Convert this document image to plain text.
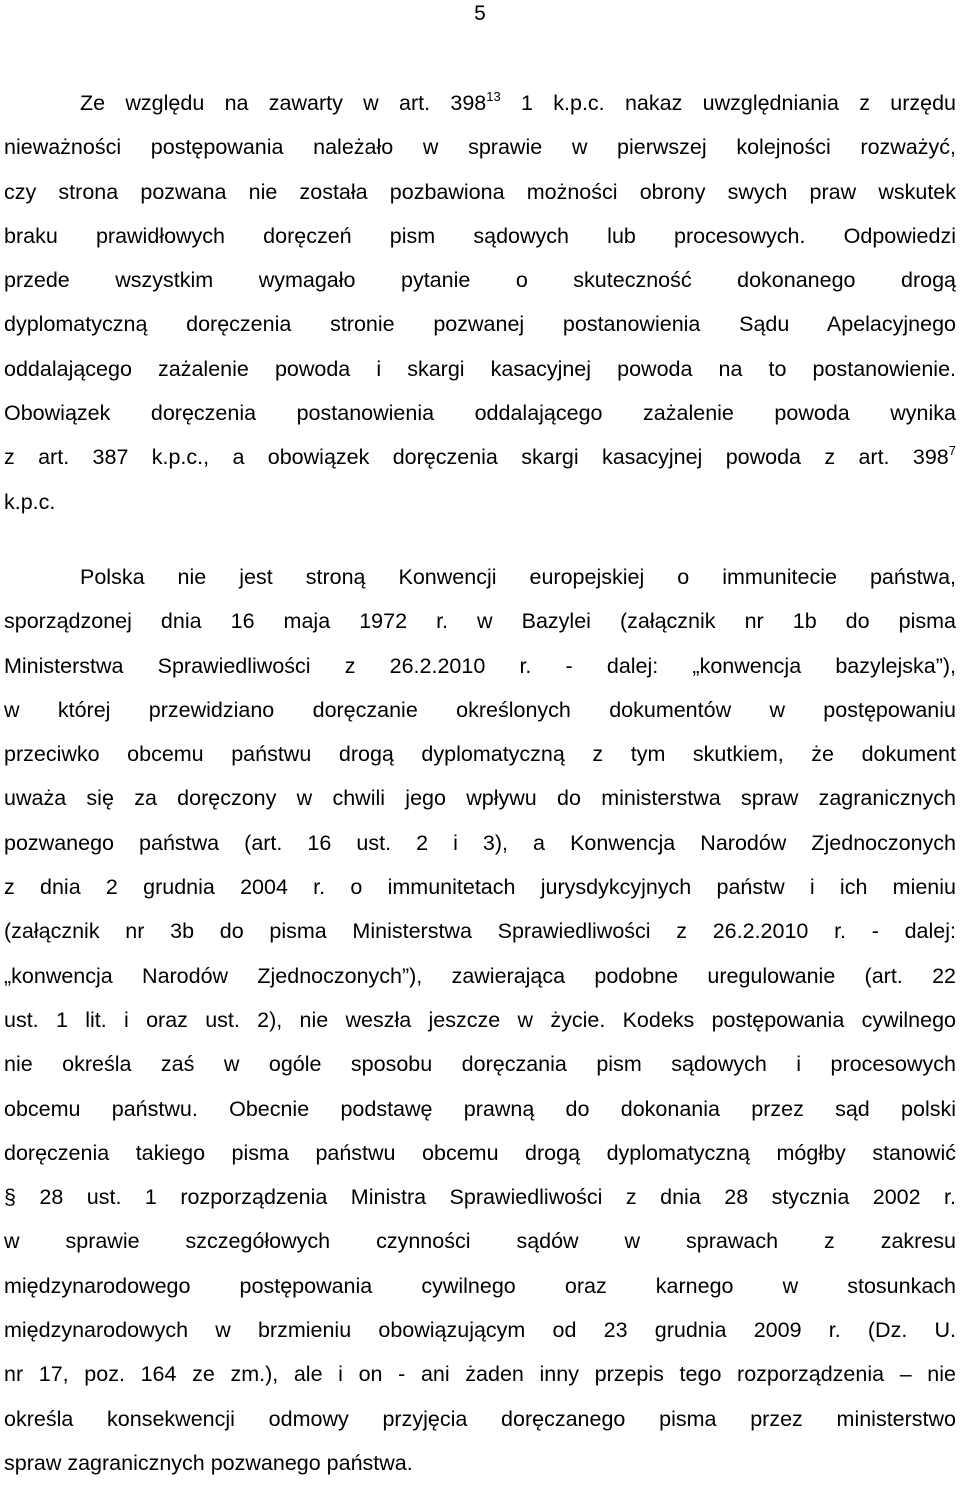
5
Ze względu na zawarty w art. $398^{13}$ 1 k.p.c. nakaz uwzględniania z urzędu
nieważności postępowania należało w sprawie w pierwszej kolejności rozważyć,
czy strona pozwana nie została pozbawiona możności obrony swych praw wskutek
braku prawidłowych doręczeń pism sądowych lub procesowych. Odpowiedzi
przede wszystkim wymagało pytanie o skuteczność dokonanego drogą
dyplomatyczną doręczenia stronie pozwanej postanowienia Sądu Apelacyjnego
oddalającego zażalenie powoda i skargi kasacyjnej powoda na to postanowienie.
Obowiązek doręczenia postanowienia oddalającego zażalenie powoda wynika
z art. 387 k.p.c., a obowiązek doręczenia skargi kasacyjnej powoda z art. $398^7$
k.p.c.
Polska nie jest stroną Konwencji europejskiej o immunitecie państwa,
sporządzonej dnia 16 maja 1972 r. w Bazylei (załącznik nr 1b do pisma
Ministerstwa Sprawiedliwości z 26.2.2010 r. - dalej: „konwencja bazylejska”),
w której przewidziano doręczanie określonych dokumentów w postępowaniu
przeciwko obcemu państwu drogą dyplomatyczną z tym skutkiem, że dokument
uważa się za doręczony w chwili jego wpływu do ministerstwa spraw zagranicznych
pozwanego państwa (art. 16 ust. 2 i 3), a Konwencja Narodów Zjednoczonych
z dnia 2 grudnia 2004 r. o immunitetach jurysdykcyjnych państw i ich mieniu
(załącznik nr 3b do pisma Ministerstwa Sprawiedliwości z 26.2.2010 r. - dalej:
„konwencja Narodów Zjednoczonych”), zawierająca podobne uregulowanie (art. 22
ust. 1 lit. i oraz ust. 2), nie weszła jeszcze w życie. Kodeks postępowania cywilnego
nie określa zaś w ogóle sposobu doręczania pism sądowych i procesowych
obcemu państwu. Obecnie podstawę prawną do dokonania przez sąd polski
doręczenia takiego pisma państwu obcemu drogą dyplomatyczną mógłby stanowić
§ 28 ust. 1 rozporządzenia Ministra Sprawiedliwości z dnia 28 stycznia 2002 r.
w sprawie szczegółowych czynności sądów w sprawach z zakresu
międzynarodowego postępowania cywilnego oraz karnego w stosunkach
międzynarodowych w brzmieniu obowiązującym od 23 grudnia 2009 r. (Dz. U.
nr 17, poz. 164 ze zm.), ale i on - ani żaden inny przepis tego rozporządzenia – nie
określa konsekwencji odmowy przyjęcia doręczanego pisma przez ministerstwo
spraw zagranicznych pozwanego państwa.
